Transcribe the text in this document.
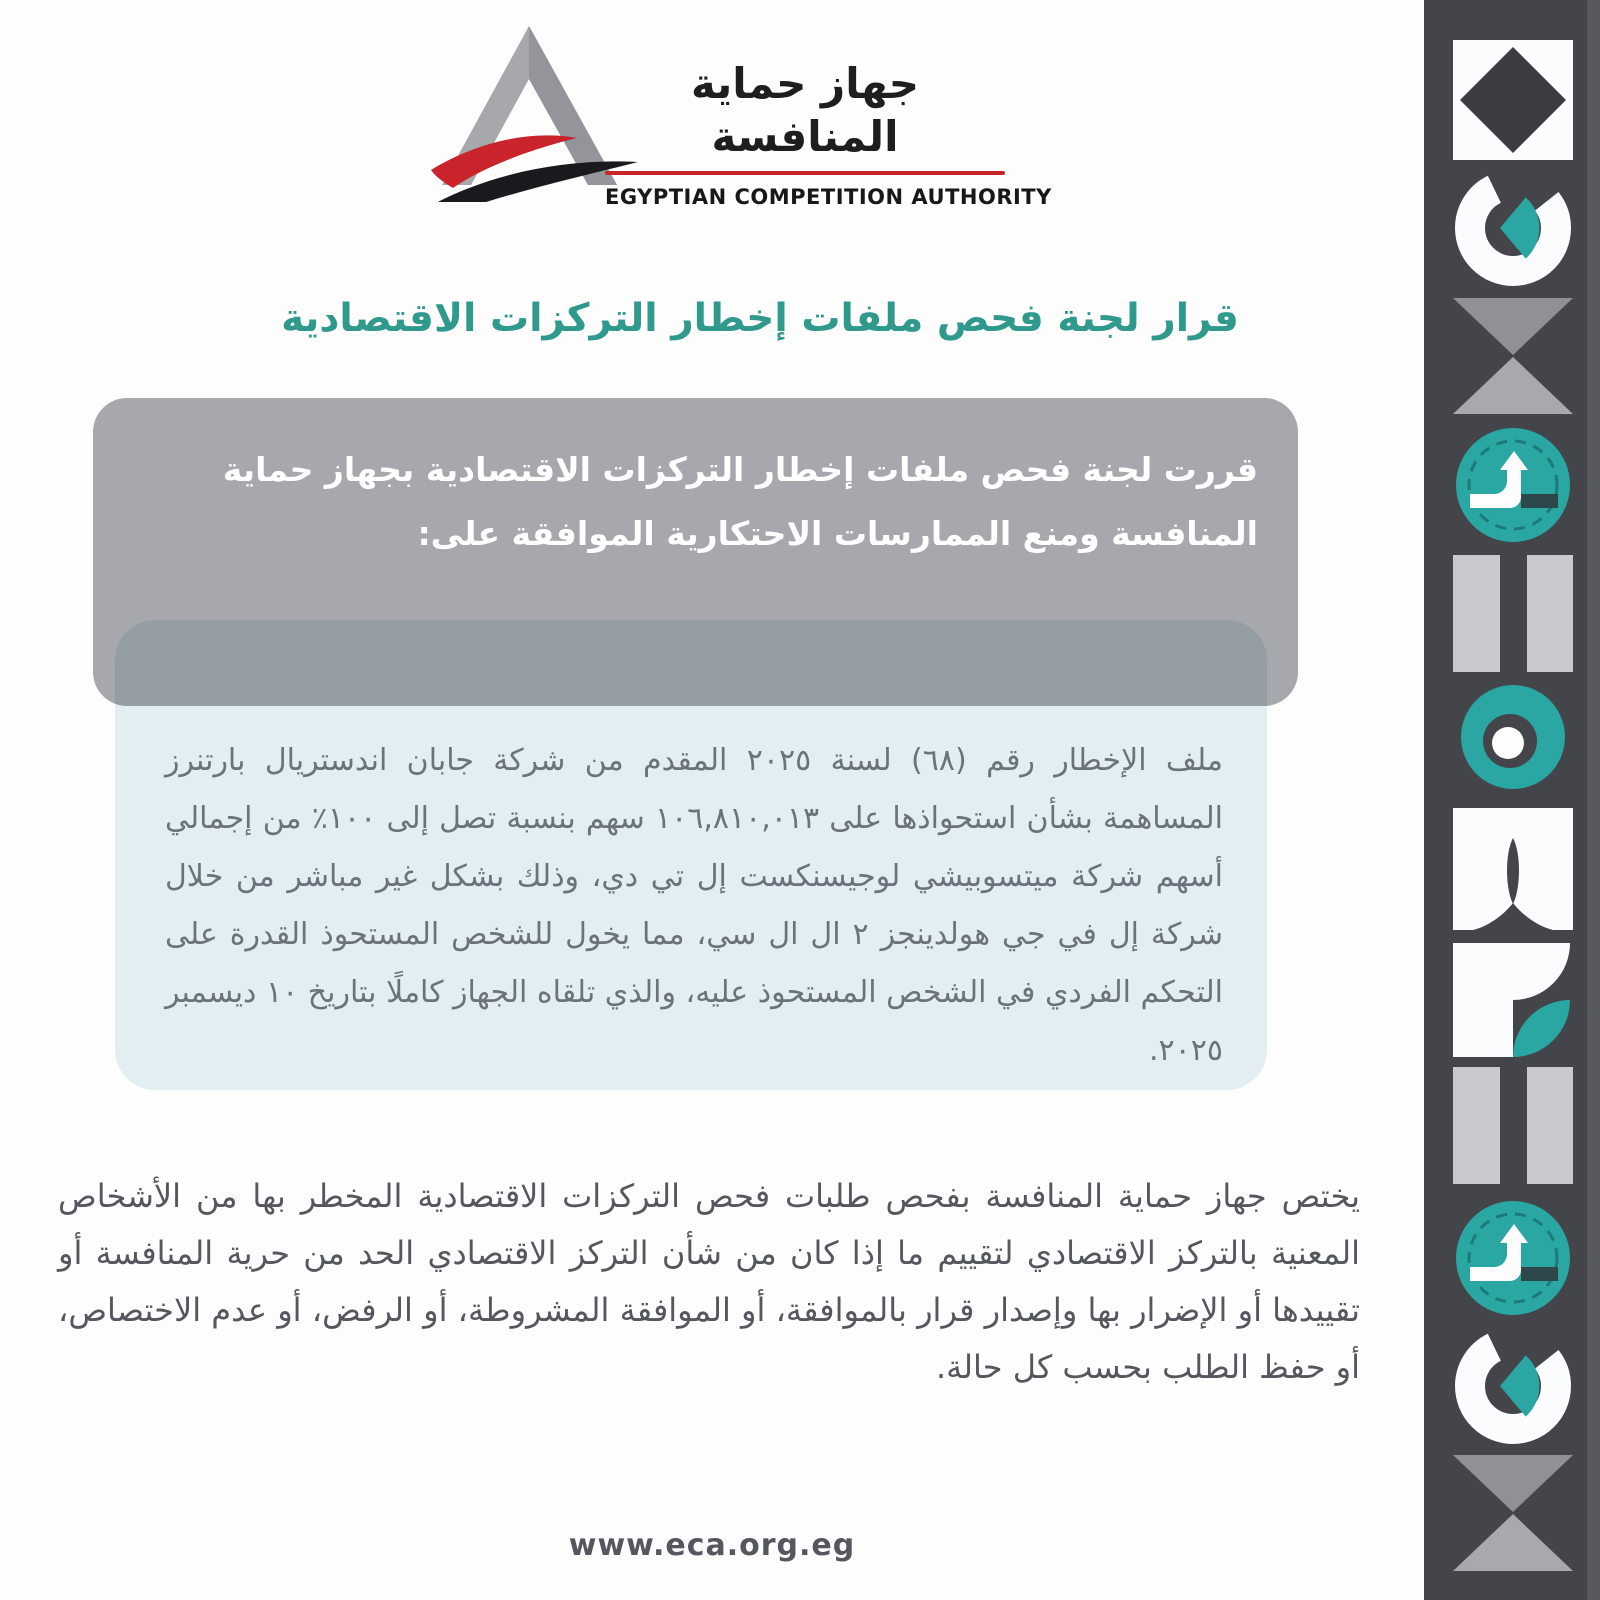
جهاز حماية المنافسة
EGYPTIAN COMPETITION AUTHORITY
قرار لجنة فحص ملفات إخطار التركزات الاقتصادية

قررت لجنة فحص ملفات إخطار التركزات الاقتصادية بجهاز حماية المنافسة ومنع الممارسات الاحتكارية الموافقة على:

ملف الإخطار رقم (٦٨) لسنة ٢٠٢٥ المقدم من شركة جابان اندستريال بارتنرز المساهمة بشأن استحواذها على ١٠٦,٨١٠,٠١٣ سهم بنسبة تصل إلى ١٠٠٪ من إجمالي أسهم شركة ميتسوبيشي لوجيسنكست إل تي دي، وذلك بشكل غير مباشر من خلال شركة إل في جي هولدينجز ٢ ال ال سي، مما يخول للشخص المستحوذ القدرة على التحكم الفردي في الشخص المستحوذ عليه، والذي تلقاه الجهاز كاملًا بتاريخ ١٠ ديسمبر ٢٠٢٥.

يختص جهاز حماية المنافسة بفحص طلبات فحص التركزات الاقتصادية المخطر بها من الأشخاص المعنية بالتركز الاقتصادي لتقييم ما إذا كان من شأن التركز الاقتصادي الحد من حرية المنافسة أو تقييدها أو الإضرار بها وإصدار قرار بالموافقة، أو الموافقة المشروطة، أو الرفض، أو عدم الاختصاص، أو حفظ الطلب بحسب كل حالة.

www.eca.org.eg
